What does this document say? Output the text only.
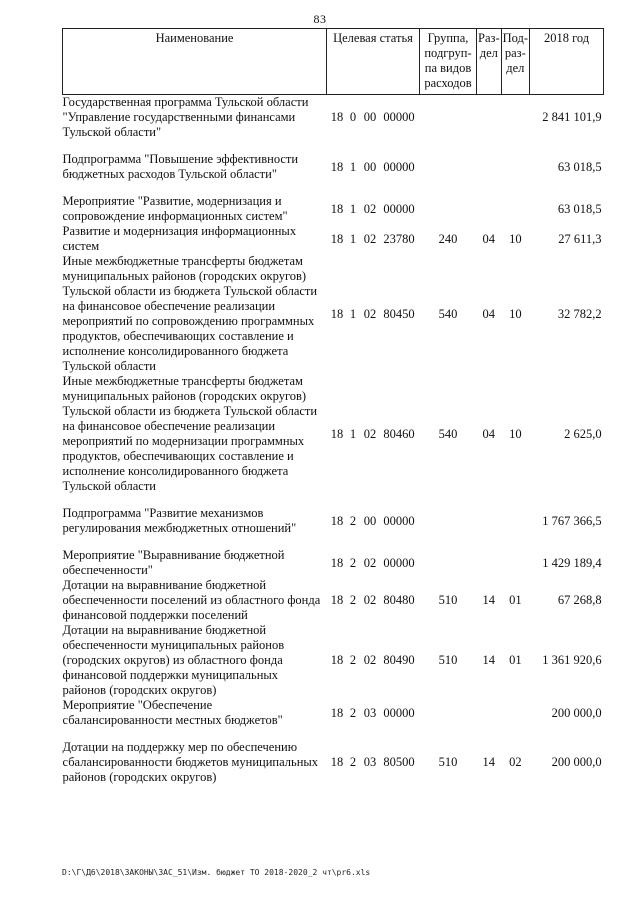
83
Наименование	Целевая статья	Группа,
подгруп-
па видов
расходов	Раз-
дел	Под-
раз-
дел	2018 год
Государственная программа Тульской области "Управление государственными финансами Тульской области"	18 0 00 00000				2 841 101,9
Подпрограмма "Повышение эффективности бюджетных расходов Тульской области"	18 1 00 00000				63 018,5
Мероприятие "Развитие, модернизация и сопровождение информационных систем"	18 1 02 00000				63 018,5
Развитие и модернизация информационных систем	18 1 02 23780	240	04	10	27 611,3
Иные межбюджетные трансферты бюджетам муниципальных районов (городских округов) Тульской области из бюджета Тульской области на финансовое обеспечение реализации мероприятий по сопровождению программных продуктов, обеспечивающих составление и исполнение консолидированного бюджета Тульской области	18 1 02 80450	540	04	10	32 782,2
Иные межбюджетные трансферты бюджетам муниципальных районов (городских округов) Тульской области из бюджета Тульской области на финансовое обеспечение реализации мероприятий по модернизации программных продуктов, обеспечивающих составление и исполнение консолидированного бюджета Тульской области	18 1 02 80460	540	04	10	2 625,0
Подпрограмма "Развитие механизмов регулирования межбюджетных отношений"	18 2 00 00000				1 767 366,5
Мероприятие "Выравнивание бюджетной обеспеченности"	18 2 02 00000				1 429 189,4
Дотации на выравнивание бюджетной обеспеченности поселений из областного фонда финансовой поддержки поселений	18 2 02 80480	510	14	01	67 268,8
Дотации на выравнивание бюджетной обеспеченности муниципальных районов (городских округов) из областного фонда финансовой поддержки муниципальных районов (городских округов)	18 2 02 80490	510	14	01	1 361 920,6
Мероприятие "Обеспечение сбалансированности местных бюджетов"	18 2 03 00000				200 000,0
Дотации на поддержку мер по обеспечению сбалансированности бюджетов муниципальных районов (городских округов)	18 2 03 80500	510	14	02	200 000,0
D:\Г\Д6\2018\ЗАКОНЫ\ЗАС_51\Изм. бюджет ТО 2018-2020_2 чт\pr6.xls
